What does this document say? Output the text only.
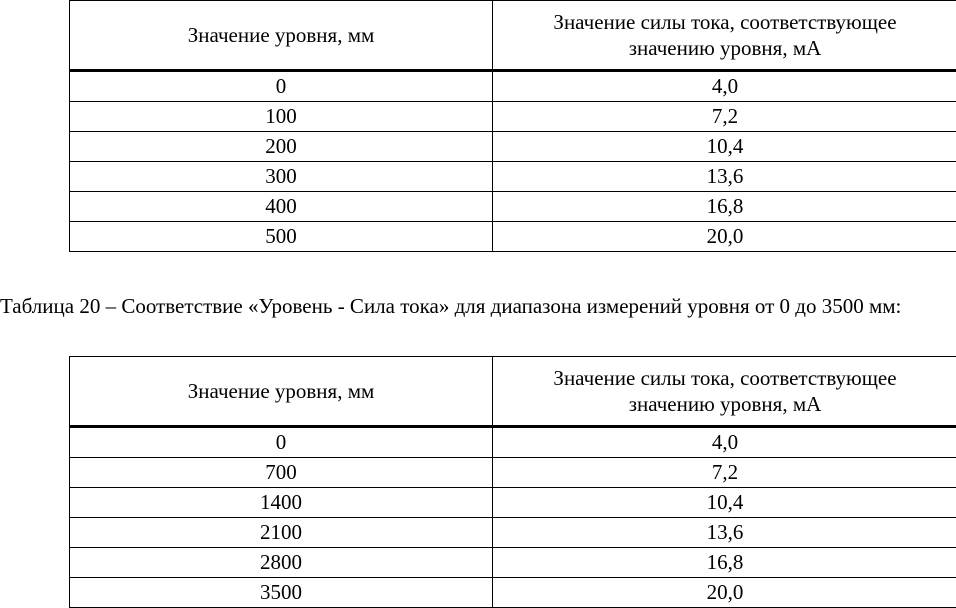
Значение уровня, мм	Значение силы тока, соответствующее
значению уровня, мА

0	4,0
100	7,2
200	10,4
300	13,6
400	16,8
500	20,0

Таблица 20 – Соответствие «Уровень - Сила тока» для диапазона измерений уровня от 0 до 3500 мм:

Значение уровня, мм	Значение силы тока, соответствующее
значению уровня, мА

0	4,0
700	7,2
1400	10,4
2100	13,6
2800	16,8
3500	20,0
